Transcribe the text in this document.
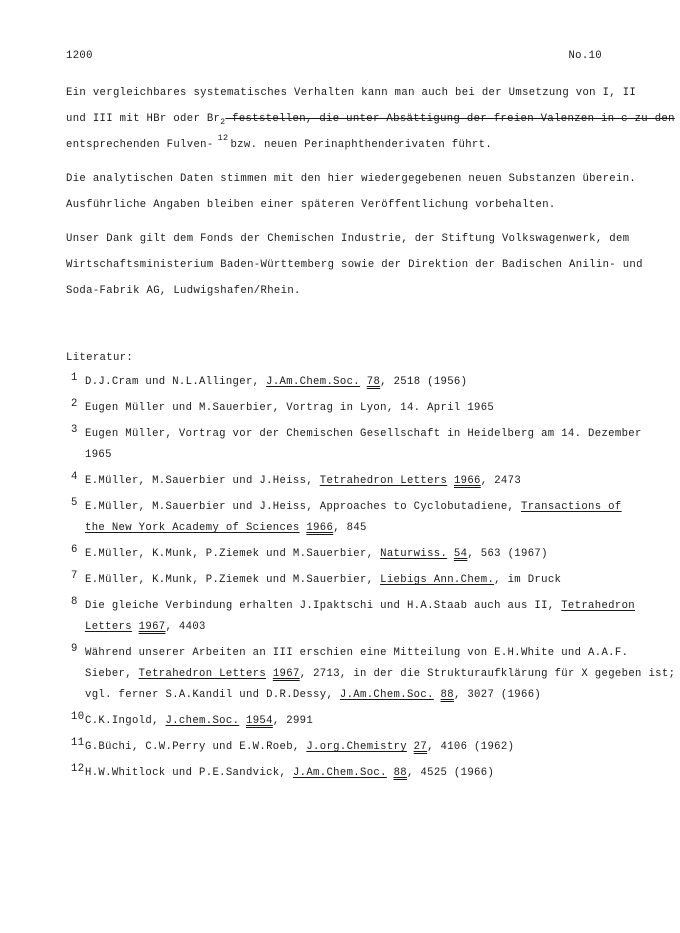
1200	No.10
Ein vergleichbares systematisches Verhalten kann man auch bei der Umsetzung von I, II
und III mit HBr oder $Br_2$ feststellen, die unter Absättigung der freien Valenzen in c zu den
entsprechenden Fulven-12bzw. neuen Perinaphthenderivaten führt.
Die analytischen Daten stimmen mit den hier wiedergegebenen neuen Substanzen überein.
Ausführliche Angaben bleiben einer späteren Veröffentlichung vorbehalten.
Unser Dank gilt dem Fonds der Chemischen Industrie, der Stiftung Volkswagenwerk, dem
Wirtschaftsministerium Baden-Württemberg sowie der Direktion der Badischen Anilin- und
Soda-Fabrik AG, Ludwigshafen/Rhein.
Literatur:
1 D.J.Cram und N.L.Allinger, J.Am.Chem.Soc. 78, 2518 (1956)
2 Eugen Müller und M.Sauerbier, Vortrag in Lyon, 14. April 1965
3 Eugen Müller, Vortrag vor der Chemischen Gesellschaft in Heidelberg am 14. Dezember
1965
4 E.Müller, M.Sauerbier und J.Heiss, Tetrahedron Letters 1966, 2473
5 E.Müller, M.Sauerbier und J.Heiss, Approaches to Cyclobutadiene, Transactions of
the New York Academy of Sciences 1966, 845
6 E.Müller, K.Munk, P.Ziemek und M.Sauerbier, Naturwiss. 54, 563 (1967)
7 E.Müller, K.Munk, P.Ziemek und M.Sauerbier, Liebigs Ann.Chem., im Druck
8 Die gleiche Verbindung erhalten J.Ipaktschi und H.A.Staab auch aus II, Tetrahedron
Letters 1967, 4403
9 Während unserer Arbeiten an III erschien eine Mitteilung von E.H.White und A.A.F.
Sieber, Tetrahedron Letters 1967, 2713, in der die Strukturaufklärung für X gegeben ist;
vgl. ferner S.A.Kandil und D.R.Dessy, J.Am.Chem.Soc. 88, 3027 (1966)
10 C.K.Ingold, J.chem.Soc. 1954, 2991
11 G.Büchi, C.W.Perry und E.W.Roeb, J.org.Chemistry 27, 4106 (1962)
12 H.W.Whitlock und P.E.Sandvick, J.Am.Chem.Soc. 88, 4525 (1966)
